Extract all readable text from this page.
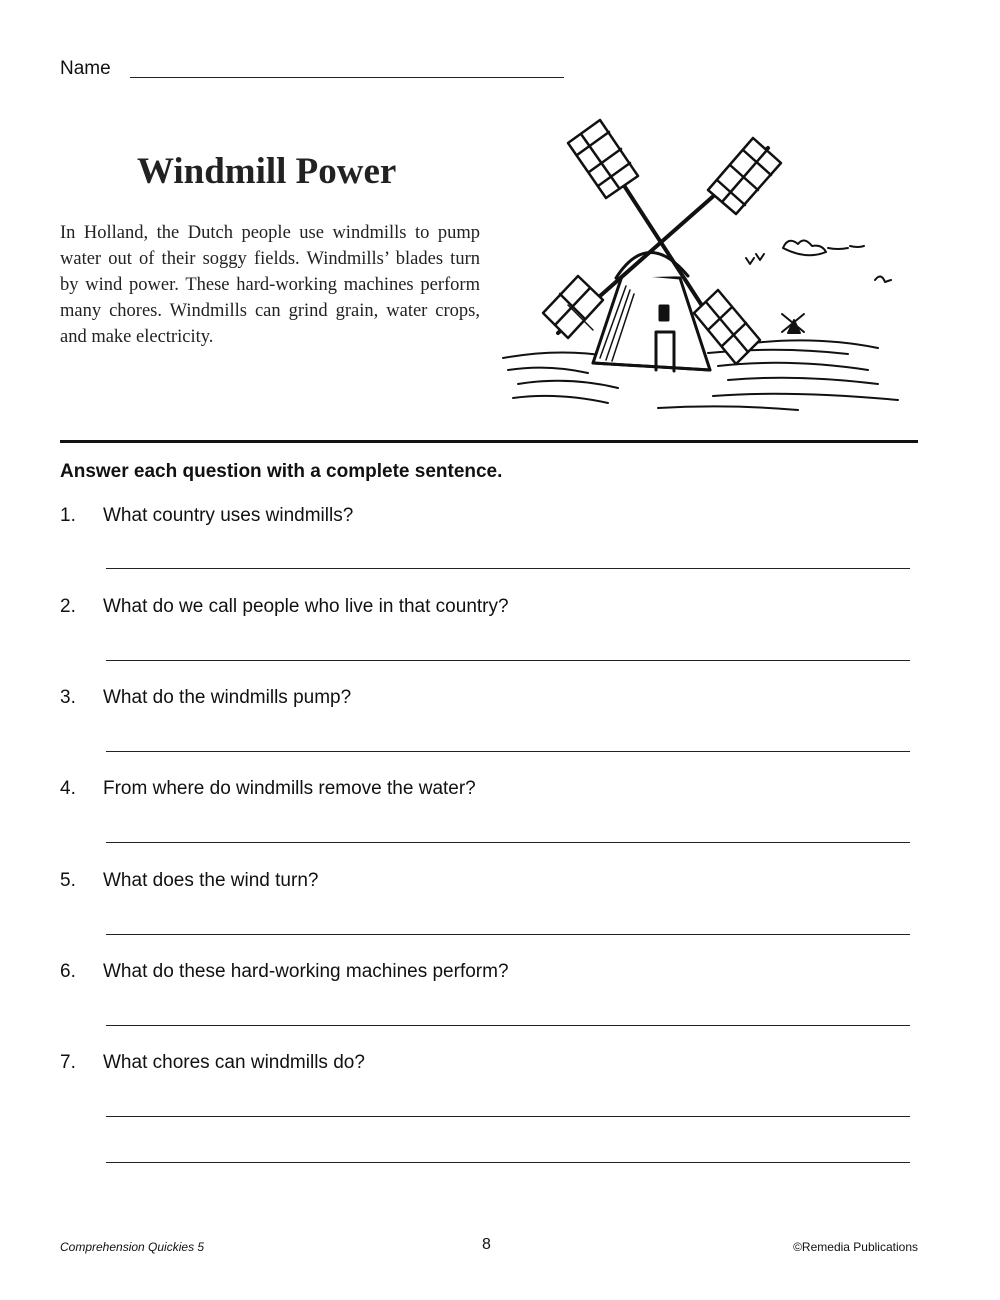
Name
Windmill Power
In Holland, the Dutch people use windmills to pump water out of their soggy fields. Windmills’ blades turn by wind power. These hard-working machines perform many chores. Windmills can grind grain, water crops, and make electricity.
Answer each question with a complete sentence.
1. What country uses windmills?
2. What do we call people who live in that country?
3. What do the windmills pump?
4. From where do windmills remove the water?
5. What does the wind turn?
6. What do these hard-working machines perform?
7. What chores can windmills do?
Comprehension Quickies 5	8	©Remedia Publications
